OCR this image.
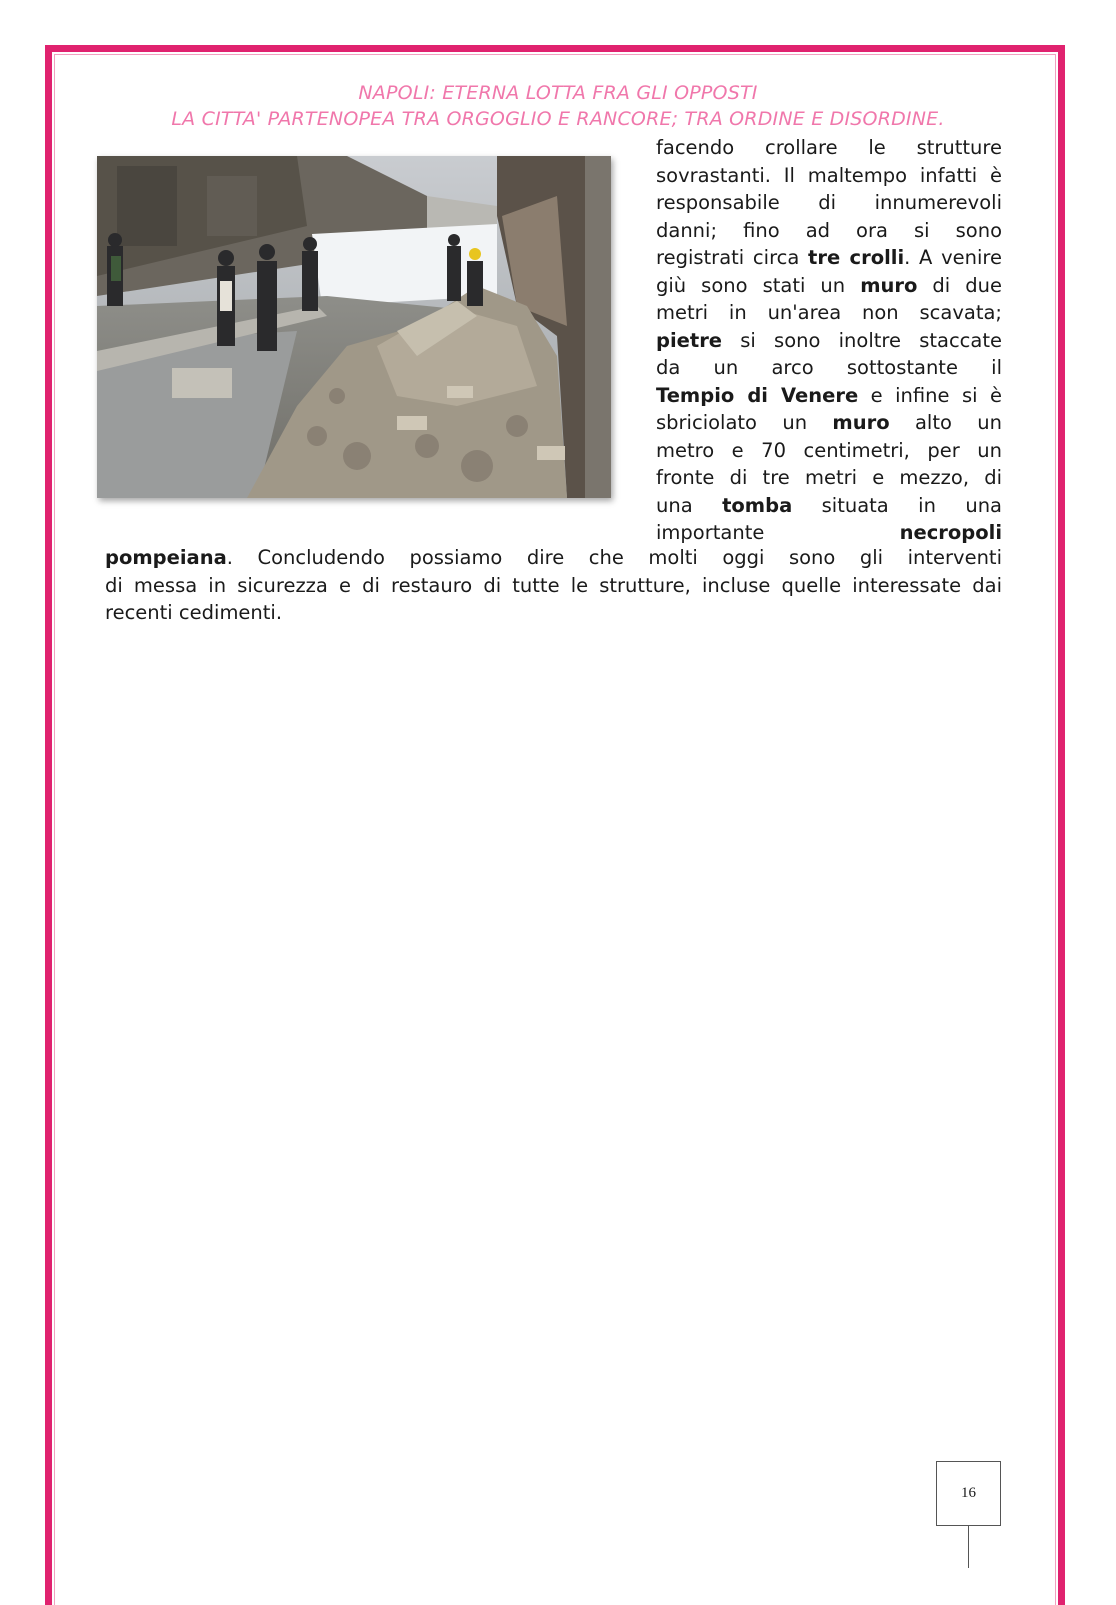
NAPOLI: ETERNA LOTTA FRA GLI OPPOSTI
LA CITTA' PARTENOPEA TRA ORGOGLIO E RANCORE; TRA ORDINE E DISORDINE.
facendo crollare le strutture
sovrastanti. Il maltempo infatti è
responsabile di innumerevoli
danni; fino ad ora si sono
registrati circa tre crolli. A venire
giù sono stati un muro di due
metri in un'area non scavata;
pietre si sono inoltre staccate
da un arco sottostante il
Tempio di Venere e infine si è
sbriciolato un muro alto un
metro e 70 centimetri, per un
fronte di tre metri e mezzo, di
una tomba situata in una
importante necropoli
pompeiana. Concludendo possiamo dire che molti oggi sono gli interventi
di messa in sicurezza e di restauro di tutte le strutture, incluse quelle interessate dai
recenti cedimenti.
16
